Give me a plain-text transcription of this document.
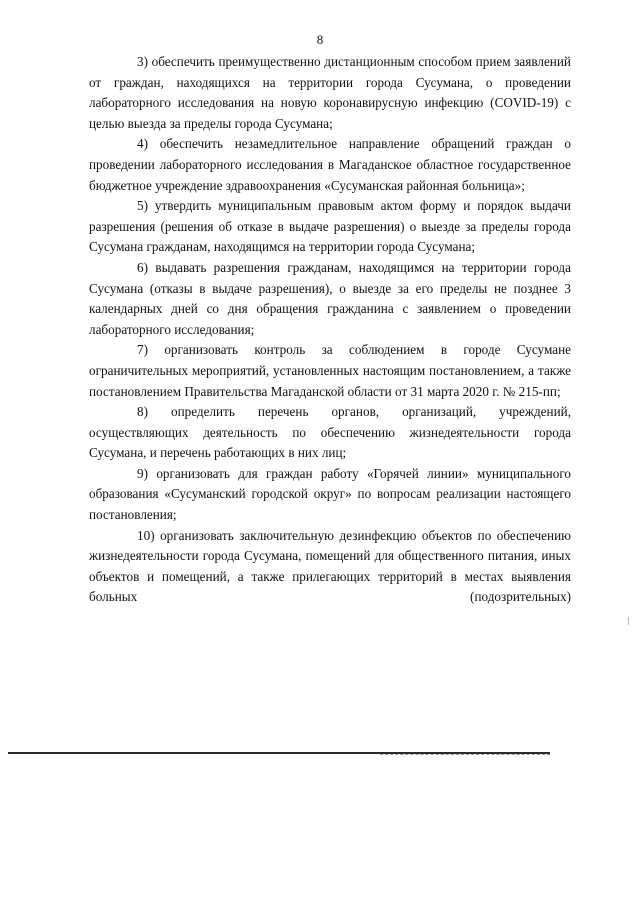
8

3) обеспечить преимущественно дистанционным способом прием заявлений от граждан, находящихся на территории города Сусумана, о проведении лабораторного исследования на новую коронавирусную инфекцию (COVID-19) с целью выезда за пределы города Сусумана;

4) обеспечить незамедлительное направление обращений граждан о проведении лабораторного исследования в Магаданское областное государственное бюджетное учреждение здравоохранения «Сусуманская районная больница»;

5) утвердить муниципальным правовым актом форму и порядок выдачи разрешения (решения об отказе в выдаче разрешения) о выезде за пределы города Сусумана гражданам, находящимся на территории города Сусумана;

6) выдавать разрешения гражданам, находящимся на территории города Сусумана (отказы в выдаче разрешения), о выезде за его пределы не позднее 3 календарных дней со дня обращения гражданина с заявлением о проведении лабораторного исследования;

7) организовать контроль за соблюдением в городе Сусумане ограничительных мероприятий, установленных настоящим постановлением, а также постановлением Правительства Магаданской области от 31 марта 2020 г. № 215-пп;

8) определить перечень органов, организаций, учреждений, осуществляющих деятельность по обеспечению жизнедеятельности города Сусумана, и перечень работающих в них лиц;

9) организовать для граждан работу «Горячей линии» муниципального образования «Сусуманский городской округ» по вопросам реализации настоящего постановления;

10) организовать заключительную дезинфекцию объектов по обеспечению жизнедеятельности города Сусумана, помещений для общественного питания, иных объектов и помещений, а также прилегающих территорий в местах выявления больных (подозрительных)
